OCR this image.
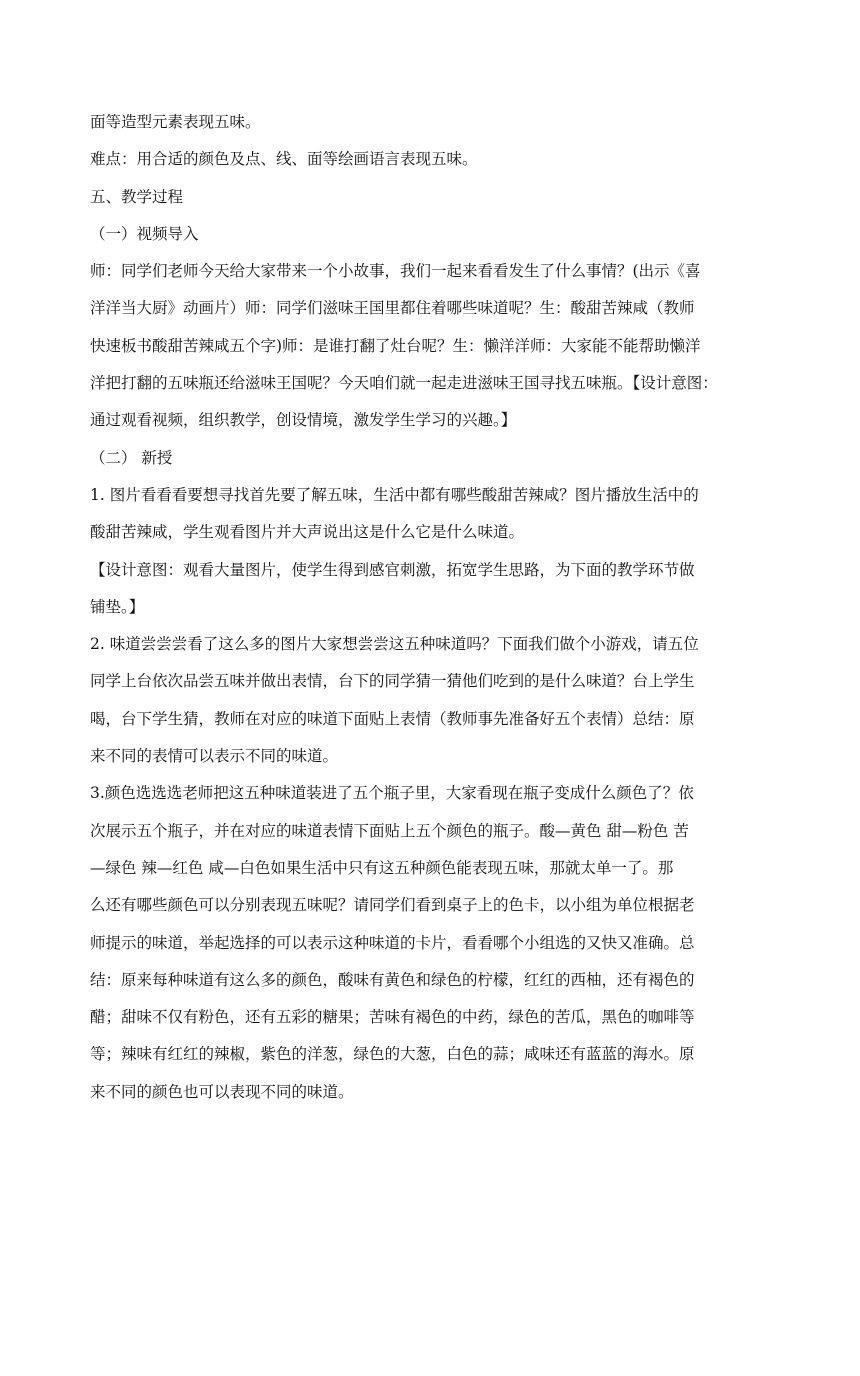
面等造型元素表现五味。
难点：用合适的颜色及点、线、面等绘画语言表现五味。
五、教学过程
（一）视频导入
师：同学们老师今天给大家带来一个小故事，我们一起来看看发生了什么事情？(出示《喜
洋洋当大厨》动画片）师：同学们滋味王国里都住着哪些味道呢？生：酸甜苦辣咸（教师
快速板书酸甜苦辣咸五个字)师：是谁打翻了灶台呢？生：懒洋洋师：大家能不能帮助懒洋
洋把打翻的五味瓶还给滋味王国呢？今天咱们就一起走进滋味王国寻找五味瓶。【设计意图：
通过观看视频，组织教学，创设情境，激发学生学习的兴趣。】
（二） 新授
1. 图片看看看要想寻找首先要了解五味，生活中都有哪些酸甜苦辣咸？图片播放生活中的
酸甜苦辣咸，学生观看图片并大声说出这是什么它是什么味道。
【设计意图：观看大量图片，使学生得到感官刺激，拓宽学生思路，为下面的教学环节做
铺垫。】
2. 味道尝尝尝看了这么多的图片大家想尝尝这五种味道吗？下面我们做个小游戏，请五位
同学上台依次品尝五味并做出表情，台下的同学猜一猜他们吃到的是什么味道？台上学生
喝，台下学生猜，教师在对应的味道下面贴上表情（教师事先准备好五个表情）总结：原
来不同的表情可以表示不同的味道。
3.颜色选选选老师把这五种味道装进了五个瓶子里，大家看现在瓶子变成什么颜色了？依
次展示五个瓶子，并在对应的味道表情下面贴上五个颜色的瓶子。酸—黄色 甜—粉色 苦
—绿色 辣—红色 咸—白色如果生活中只有这五种颜色能表现五味，那就太单一了。那
么还有哪些颜色可以分别表现五味呢？请同学们看到桌子上的色卡，以小组为单位根据老
师提示的味道，举起选择的可以表示这种味道的卡片，看看哪个小组选的又快又准确。总
结：原来每种味道有这么多的颜色，酸味有黄色和绿色的柠檬，红红的西柚，还有褐色的
醋；甜味不仅有粉色，还有五彩的糖果；苦味有褐色的中药，绿色的苦瓜，黑色的咖啡等
等；辣味有红红的辣椒，紫色的洋葱，绿色的大葱，白色的蒜；咸味还有蓝蓝的海水。原
来不同的颜色也可以表现不同的味道。
